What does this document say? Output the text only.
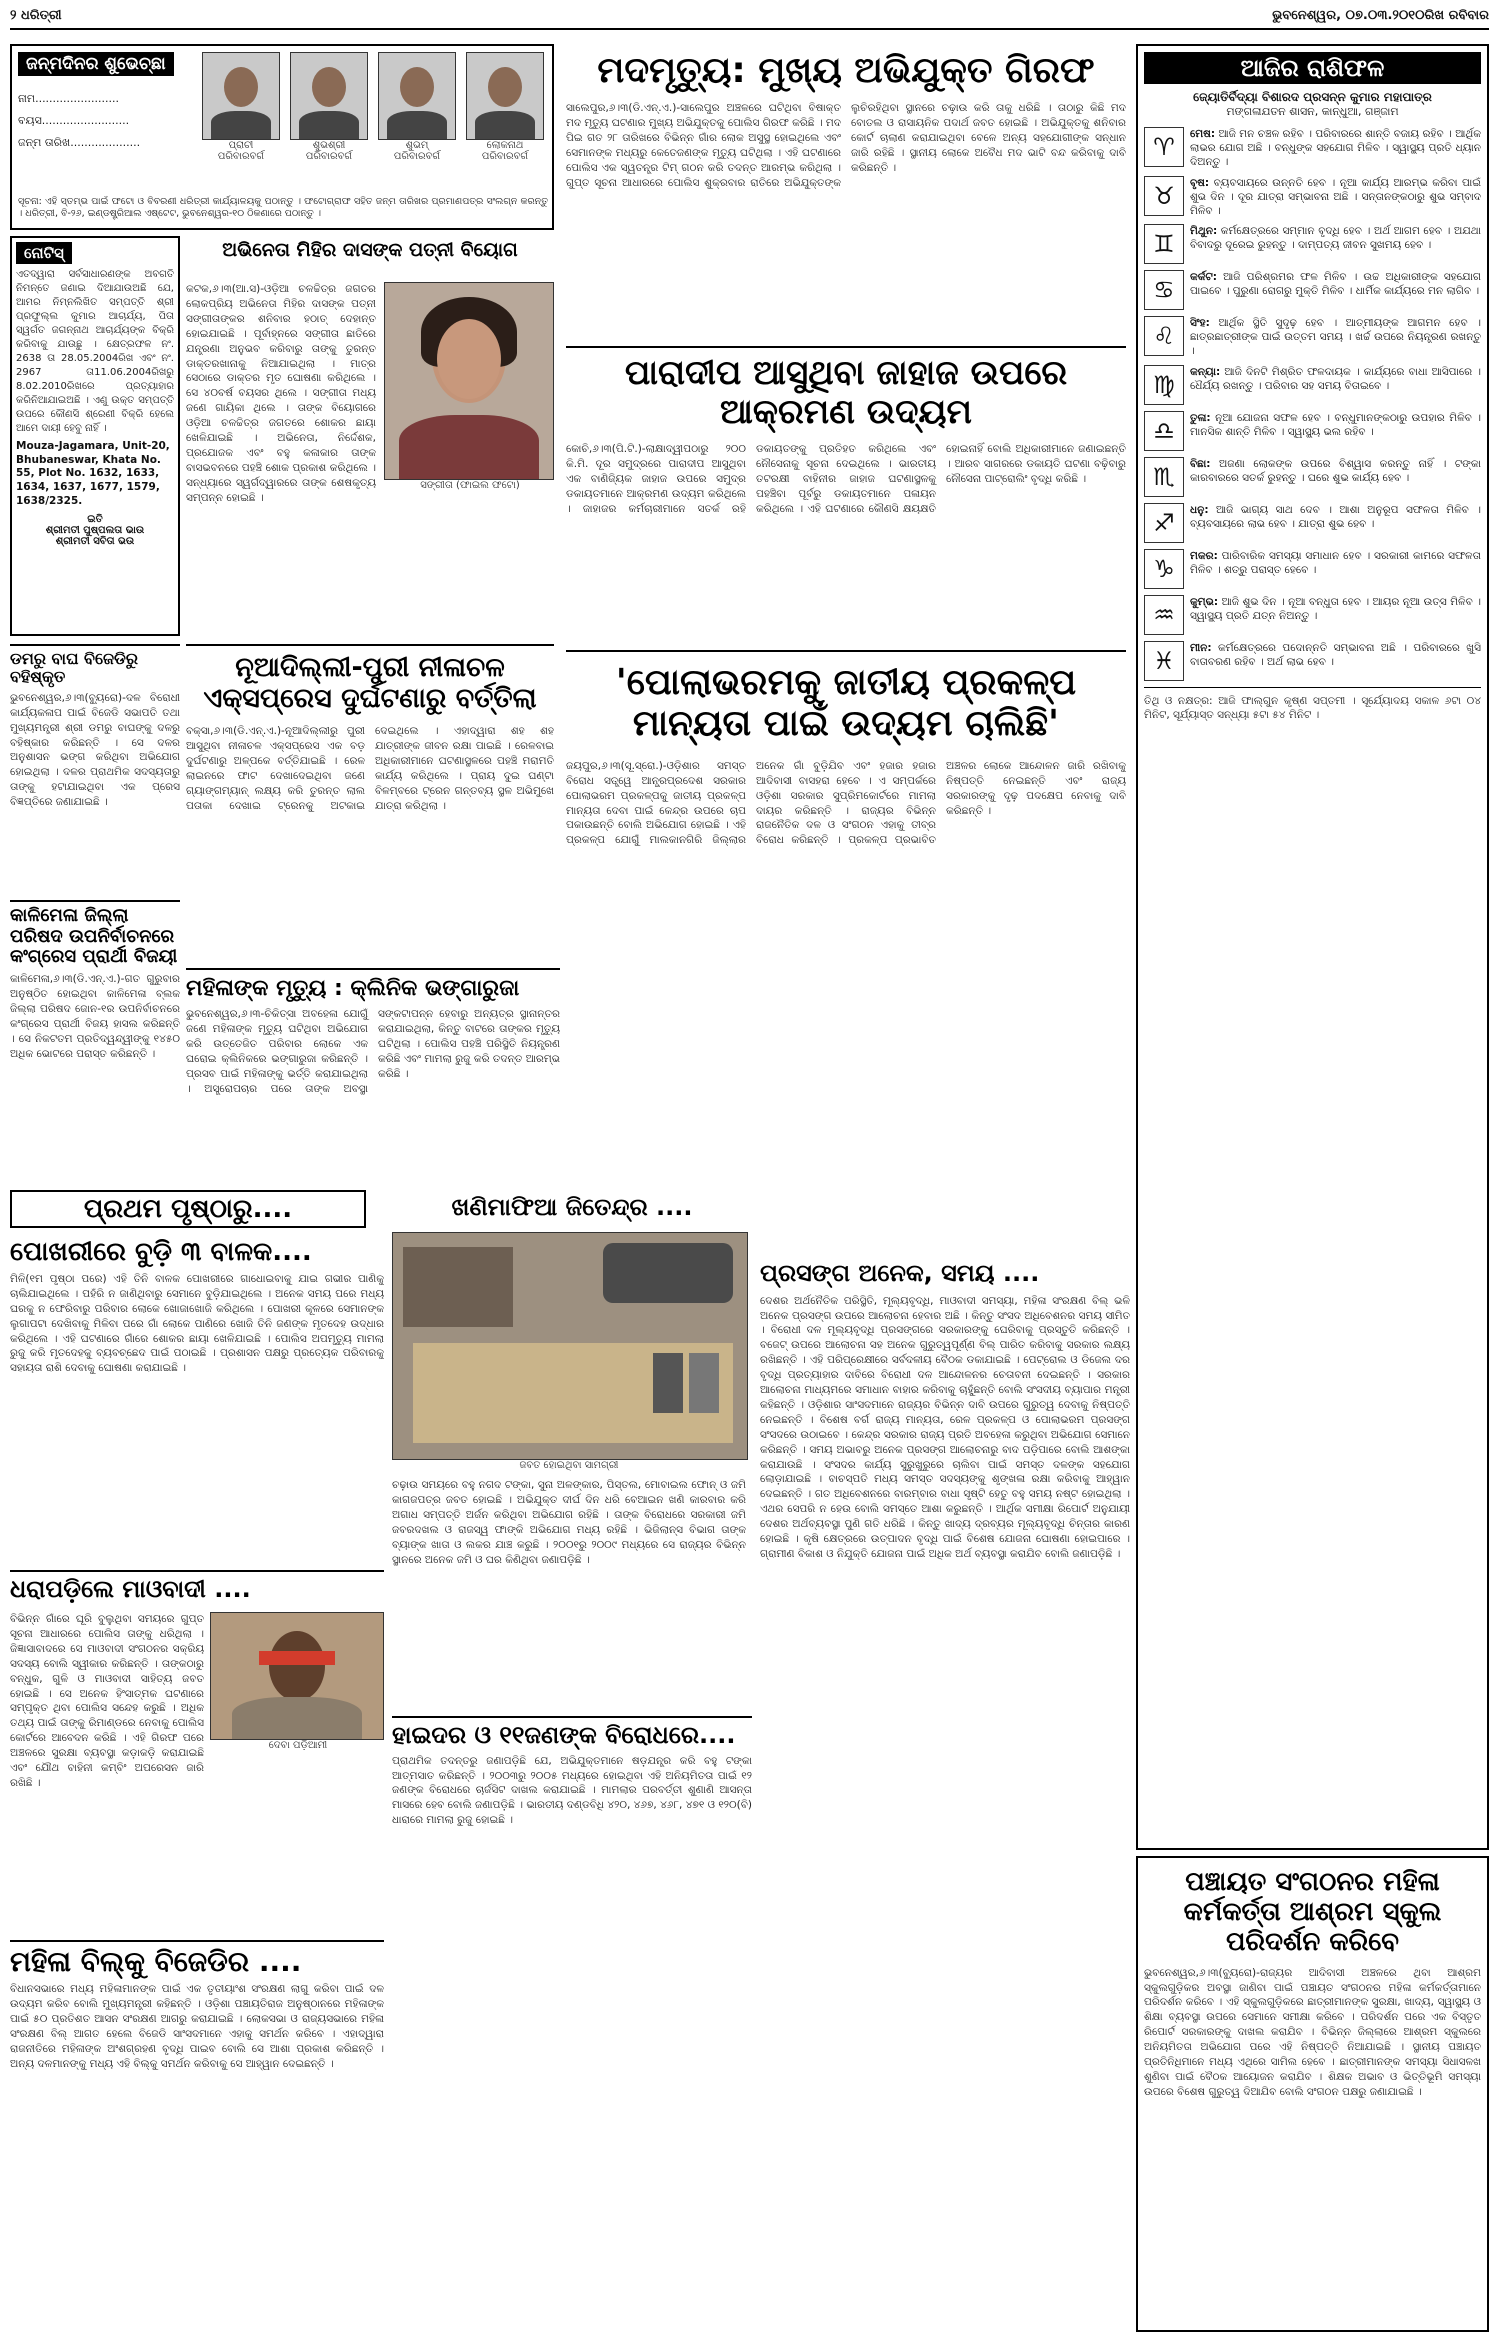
୨ ଧରିତ୍ରୀ	ଭୁବନେଶ୍ୱର, ୦୭.୦୩.୨୦୧୦ରିଖ ରବିବାର
ଜନ୍ମଦିନର ଶୁଭେଚ୍ଛା
ନାମ........................
ବୟସ.........................
ଜନ୍ମ ତାରିଖ....................	ପ୍ରାଚୀ
ପରିବାରବର୍ଗ
ଶୁଭଶ୍ରୀ
ପରିବାରବର୍ଗ
ଶୁଭମ୍
ପରିବାରବର୍ଗ
ଲୋକନାଥ
ପରିବାରବର୍ଗ
ସୂଚନା: ଏହି ସ୍ତମ୍ଭ ପାଇଁ ଫଟୋ ଓ ବିବରଣୀ ଧରିତ୍ରୀ କାର୍ଯ୍ୟାଳୟକୁ ପଠାନ୍ତୁ । ଫଟୋଗ୍ରାଫ ସହିତ ଜନ୍ମ ତାରିଖର ପ୍ରମାଣପତ୍ର ସଂଲଗ୍ନ କରନ୍ତୁ । ଧରିତ୍ରୀ, ବି-୨୬, ଇଣ୍ଡଷ୍ଟ୍ରିଆଲ ଏଷ୍ଟେଟ, ଭୁବନେଶ୍ୱର-୧୦ ଠିକଣାରେ ପଠାନ୍ତୁ ।
ନୋଟିସ୍
ଏତଦ୍ୱାରା ସର୍ବସାଧାରଣଙ୍କ ଅବଗତି ନିମନ୍ତେ ଜଣାଇ ଦିଆଯାଉଅଛି ଯେ, ଆମର ନିମ୍ନଲିଖିତ ସମ୍ପତ୍ତି ଶ୍ରୀ ପ୍ରଫୁଲ୍ଲ କୁମାର ଆଚାର୍ଯ୍ୟ, ପିତା ସ୍ୱର୍ଗତ ଜଗନ୍ନାଥ ଆଚାର୍ଯ୍ୟଙ୍କ ବିକ୍ରି କରିବାକୁ ଯାଉଛୁ । କ୍ଷେତ୍ରଫଳ ନଂ. 2638 ତା 28.05.2004ରିଖ ଏବଂ ନଂ. 2967 ତା11.06.2004ରିଖରୁ 8.02.2010ରିଖରେ ପ୍ରତ୍ୟାହାର କରିନିଆଯାଇଅଛି । ଏଣୁ ଉକ୍ତ ସମ୍ପତ୍ତି ଉପରେ କୌଣସି ଶ୍ରେଣୀ ବିକ୍ରି ହେଲେ ଆମେ ଦାୟୀ ହେବୁ ନାହିଁ ।
Mouza-Jagamara, Unit-20, Bhubaneswar, Khata No. 55, Plot No. 1632, 1633, 1634, 1637, 1677, 1579, 1638/2325.
ଇତି
ଶ୍ରୀମତୀ ପୁଷ୍ପଲତା ଭାଉ
ଶ୍ରୀମତୀ ସବିତା ଭଉ
ଅଭିନେତା ମିହିର ଦାସଙ୍କ ପତ୍ନୀ ବିୟୋଗ
ସଙ୍ଗୀତା (ଫାଇଲ ଫଟୋ)
କଟକ,୬।୩(ଆ.ସ)-ଓଡ଼ିଆ ଚଳଚ୍ଚିତ୍ର ଜଗତର ଲୋକପ୍ରିୟ ଅଭିନେତା ମିହିର ଦାସଙ୍କ ପତ୍ନୀ ସଙ୍ଗୀତାଙ୍କର ଶନିବାର ହଠାତ୍ ଦେହାନ୍ତ ହୋଇଯାଇଛି । ପୂର୍ବାହ୍ନରେ ସଙ୍ଗୀତା ଛାତିରେ ଯନ୍ତ୍ରଣା ଅନୁଭବ କରିବାରୁ ତାଙ୍କୁ ତୁରନ୍ତ ଡାକ୍ତରଖାନାକୁ ନିଆଯାଇଥିଲା । ମାତ୍ର ସେଠାରେ ଡାକ୍ତର ମୃତ ଘୋଷଣା କରିଥିଲେ । ସେ ୪୦ବର୍ଷ ବୟସର ଥିଲେ । ସଙ୍ଗୀତା ମଧ୍ୟ ଜଣେ ଗାୟିକା ଥିଲେ । ତାଙ୍କ ବିୟୋଗରେ ଓଡ଼ିଆ ଚଳଚ୍ଚିତ୍ର ଜଗତରେ ଶୋକର ଛାୟା ଖେଳିଯାଇଛି । ଅଭିନେତା, ନିର୍ଦ୍ଦେଶକ, ପ୍ରଯୋଜକ ଏବଂ ବହୁ କଳାକାର ତାଙ୍କ ବାସଭବନରେ ପହଞ୍ଚି ଶୋକ ପ୍ରକାଶ କରିଥିଲେ । ସନ୍ଧ୍ୟାରେ ସ୍ୱର୍ଗଦ୍ୱାରରେ ତାଙ୍କ ଶେଷକୃତ୍ୟ ସମ୍ପନ୍ନ ହୋଇଛି ।
ମଦମୃତ୍ୟୁ: ମୁଖ୍ୟ ଅଭିଯୁକ୍ତ ଗିରଫ
ସାଲେପୁର,୬।୩(ଡି.ଏନ୍.ଏ.)-ସାଲେପୁର ଅଞ୍ଚଳରେ ଘଟିଥିବା ବିଷାକ୍ତ ମଦ ମୃତ୍ୟୁ ଘଟଣାର ମୁଖ୍ୟ ଅଭିଯୁକ୍ତକୁ ପୋଲିସ ଗିରଫ କରିଛି । ମଦ ପିଇ ଗତ ୨୮ ତାରିଖରେ ବିଭିନ୍ନ ଗାଁର ଲୋକ ଅସୁସ୍ଥ ହୋଇଥିଲେ ଏବଂ ସେମାନଙ୍କ ମଧ୍ୟରୁ କେତେଜଣଙ୍କ ମୃତ୍ୟୁ ଘଟିଥିଲା । ଏହି ଘଟଣାରେ ପୋଲିସ ଏକ ସ୍ୱତନ୍ତ୍ର ଟିମ୍ ଗଠନ କରି ତଦନ୍ତ ଆରମ୍ଭ କରିଥିଲା । ଗୁପ୍ତ ସୂଚନା ଆଧାରରେ ପୋଲିସ ଶୁକ୍ରବାର ରାତିରେ ଅଭିଯୁକ୍ତଙ୍କ ଲୁଚିରହିଥିବା ସ୍ଥାନରେ ଚଢ଼ାଉ କରି ତାକୁ ଧରିଛି । ତାଠାରୁ କିଛି ମଦ ବୋତଲ ଓ ରାସାୟନିକ ପଦାର୍ଥ ଜବତ ହୋଇଛି । ଅଭିଯୁକ୍ତକୁ ଶନିବାର କୋର୍ଟ ଚାଲାଣ କରାଯାଇଥିବା ବେଳେ ଅନ୍ୟ ସହଯୋଗୀଙ୍କ ସନ୍ଧାନ ଜାରି ରହିଛି । ସ୍ଥାନୀୟ ଲୋକେ ଅବୈଧ ମଦ ଭାଟି ବନ୍ଦ କରିବାକୁ ଦାବି କରିଛନ୍ତି ।
ପାରାଦୀପ ଆସୁଥିବା ଜାହାଜ ଉପରେ ଆକ୍ରମଣ ଉଦ୍ୟମ
କୋଚି,୬।୩(ପି.ଟି.)-ଲାକ୍ଷାଦ୍ୱୀପଠାରୁ ୨୦୦ କି.ମି. ଦୂର ସମୁଦ୍ରରେ ପାରାଦୀପ ଆସୁଥିବା ଏକ ବାଣିଜ୍ୟିକ ଜାହାଜ ଉପରେ ସମୁଦ୍ର ଡକାୟତମାନେ ଆକ୍ରମଣ ଉଦ୍ୟମ କରିଥିଲେ । ଜାହାଜର କର୍ମଚାରୀମାନେ ସତର୍କ ରହି ଡକାୟତଙ୍କୁ ପ୍ରତିହତ କରିଥିଲେ ଏବଂ ନୌସେନାକୁ ସୂଚନା ଦେଇଥିଲେ । ଭାରତୀୟ ତଟରକ୍ଷୀ ବାହିନୀର ଜାହାଜ ଘଟଣାସ୍ଥଳକୁ ପହଞ୍ଚିବା ପୂର୍ବରୁ ଡକାୟତମାନେ ପଳାୟନ କରିଥିଲେ । ଏହି ଘଟଣାରେ କୌଣସି କ୍ଷୟକ୍ଷତି ହୋଇନାହିଁ ବୋଲି ଅଧିକାରୀମାନେ ଜଣାଇଛନ୍ତି । ଆରବ ସାଗରରେ ଡକାୟତି ଘଟଣା ବଢ଼ିବାରୁ ନୌସେନା ପାଟ୍ରୋଲିଂ ବୃଦ୍ଧି କରିଛି ।
ନୂଆଦିଲ୍ଲୀ-ପୁରୀ ନୀଳାଚଳ ଏକ୍ସପ୍ରେସ ଦୁର୍ଘଟଣାରୁ ବର୍ତ୍ତିଲା
ବକ୍ସା,୬।୩(ଡି.ଏନ୍.ଏ.)-ନୂଆଦିଲ୍ଲୀରୁ ପୁରୀ ଆସୁଥିବା ନୀଳାଚଳ ଏକ୍ସପ୍ରେସ ଏକ ବଡ଼ ଦୁର୍ଘଟଣାରୁ ଅଳ୍ପକେ ବର୍ତ୍ତିଯାଇଛି । ରେଳ ଲାଇନରେ ଫାଟ ଦେଖାଦେଇଥିବା ଜଣେ ଗ୍ୟାଙ୍ଗମ୍ୟାନ୍ ଲକ୍ଷ୍ୟ କରି ତୁରନ୍ତ ଲାଲ ପତାକା ଦେଖାଇ ଟ୍ରେନକୁ ଅଟକାଇ ଦେଇଥିଲେ । ଏହାଦ୍ୱାରା ଶହ ଶହ ଯାତ୍ରୀଙ୍କ ଜୀବନ ରକ୍ଷା ପାଇଛି । ରେଳବାଇ ଅଧିକାରୀମାନେ ଘଟଣାସ୍ଥଳରେ ପହଞ୍ଚି ମରାମତି କାର୍ଯ୍ୟ କରିଥିଲେ । ପ୍ରାୟ ଦୁଇ ଘଣ୍ଟା ବିଳମ୍ବରେ ଟ୍ରେନ ଗନ୍ତବ୍ୟ ସ୍ଥଳ ଅଭିମୁଖେ ଯାତ୍ରା କରିଥିଲା ।
'ପୋଲାଭରମକୁ ଜାତୀୟ ପ୍ରକଳ୍ପ ମାନ୍ୟତା ପାଇଁ ଉଦ୍ୟମ ଚାଲିଛି'
ଜୟପୁର,୬।୩(ସୂ.ସ୍ରୋ.)-ଓଡ଼ିଶାର ସମସ୍ତ ବିରୋଧ ସତ୍ତ୍ୱେ ଆନ୍ଧ୍ରପ୍ରଦେଶ ସରକାର ପୋଲାଭରମ ପ୍ରକଳ୍ପକୁ ଜାତୀୟ ପ୍ରକଳ୍ପ ମାନ୍ୟତା ଦେବା ପାଇଁ କେନ୍ଦ୍ର ଉପରେ ଚାପ ପକାଉଛନ୍ତି ବୋଲି ଅଭିଯୋଗ ହୋଇଛି । ଏହି ପ୍ରକଳ୍ପ ଯୋଗୁଁ ମାଲକାନଗିରି ଜିଲ୍ଲାର ଅନେକ ଗାଁ ବୁଡ଼ିଯିବ ଏବଂ ହଜାର ହଜାର ଆଦିବାସୀ ବାସହରା ହେବେ । ଏ ସମ୍ପର୍କରେ ଓଡ଼ିଶା ସରକାର ସୁପ୍ରିମକୋର୍ଟରେ ମାମଲା ଦାୟର କରିଛନ୍ତି । ରାଜ୍ୟର ବିଭିନ୍ନ ରାଜନୈତିକ ଦଳ ଓ ସଂଗଠନ ଏହାକୁ ତୀବ୍ର ବିରୋଧ କରିଛନ୍ତି । ପ୍ରକଳ୍ପ ପ୍ରଭାବିତ ଅଞ୍ଚଳର ଲୋକେ ଆନ୍ଦୋଳନ ଜାରି ରଖିବାକୁ ନିଷ୍ପତ୍ତି ନେଇଛନ୍ତି ଏବଂ ରାଜ୍ୟ ସରକାରଙ୍କୁ ଦୃଢ଼ ପଦକ୍ଷେପ ନେବାକୁ ଦାବି କରିଛନ୍ତି ।
ମହିଳାଙ୍କ ମୃତ୍ୟୁ : କ୍ଲିନିକ ଭଙ୍ଗାରୁଜା
ଭୁବନେଶ୍ୱର,୬।୩-ଚିକିତ୍ସା ଅବହେଳା ଯୋଗୁଁ ଜଣେ ମହିଳାଙ୍କ ମୃତ୍ୟୁ ଘଟିଥିବା ଅଭିଯୋଗ କରି ଉତ୍ତେଜିତ ପରିବାର ଲୋକେ ଏକ ଘରୋଇ କ୍ଲିନିକରେ ଭଙ୍ଗାରୁଜା କରିଛନ୍ତି । ପ୍ରସବ ପାଇଁ ମହିଳାଙ୍କୁ ଭର୍ତ୍ତି କରାଯାଇଥିଲା । ଅସ୍ତ୍ରୋପଚାର ପରେ ତାଙ୍କ ଅବସ୍ଥା ସଙ୍କଟାପନ୍ନ ହେବାରୁ ଅନ୍ୟତ୍ର ସ୍ଥାନାନ୍ତର କରାଯାଇଥିଲା, କିନ୍ତୁ ବାଟରେ ତାଙ୍କର ମୃତ୍ୟୁ ଘଟିଥିଲା । ପୋଲିସ ପହଞ୍ଚି ପରିସ୍ଥିତି ନିୟନ୍ତ୍ରଣ କରିଛି ଏବଂ ମାମଲା ରୁଜୁ କରି ତଦନ୍ତ ଆରମ୍ଭ କରିଛି ।
ଡମରୁ ବାଘ ବିଜେଡିରୁ ବହିଷ୍କୃତ
ଭୁବନେଶ୍ୱର,୬।୩(ବ୍ୟୁରୋ)-ଦଳ ବିରୋଧୀ କାର୍ଯ୍ୟକଳାପ ପାଇଁ ବିଜେଡି ସଭାପତି ତଥା ମୁଖ୍ୟମନ୍ତ୍ରୀ ଶ୍ରୀ ଡମରୁ ବାଘଙ୍କୁ ଦଳରୁ ବହିଷ୍କାର କରିଛନ୍ତି । ସେ ଦଳର ଅନୁଶାସନ ଭଙ୍ଗ କରିଥିବା ଅଭିଯୋଗ ହୋଇଥିଲା । ଦଳର ପ୍ରାଥମିକ ସଦସ୍ୟତାରୁ ତାଙ୍କୁ ହଟାଯାଇଥିବା ଏକ ପ୍ରେସ ବିଜ୍ଞପ୍ତିରେ ଜଣାଯାଇଛି ।
କାଳିମେଳା ଜିଲ୍ଲା ପରିଷଦ ଉପନିର୍ବାଚନରେ କଂଗ୍ରେସ ପ୍ରାର୍ଥୀ ବିଜୟୀ
କାଳିମେଳା,୬।୩(ଡି.ଏନ୍.ଏ.)-ଗତ ଗୁରୁବାର ଅନୁଷ୍ଠିତ ହୋଇଥିବା କାଳିମେଳା ବ୍ଲକ ଜିଲ୍ଲା ପରିଷଦ ଜୋନ-୧ର ଉପନିର୍ବାଚନରେ କଂଗ୍ରେସ ପ୍ରାର୍ଥୀ ବିଜୟ ହାସଲ କରିଛନ୍ତି । ସେ ନିକଟତମ ପ୍ରତିଦ୍ୱନ୍ଦ୍ୱୀଙ୍କୁ ୧୪୫୦ ଅଧିକ ଭୋଟରେ ପରାସ୍ତ କରିଛନ୍ତି ।
ପ୍ରଥମ ପୃଷ୍ଠାରୁ....
ପୋଖରୀରେ ବୁଡ଼ି ୩ ବାଳକ....
ମିଳି(୧ମ ପୃଷ୍ଠା ପରେ) ଏହି ତିନି ବାଳକ ପୋଖରୀରେ ଗାଧୋଇବାକୁ ଯାଇ ଗଭୀର ପାଣିକୁ ଚାଲିଯାଇଥିଲେ । ପହଁରି ନ ଜାଣିଥିବାରୁ ସେମାନେ ବୁଡ଼ିଯାଇଥିଲେ । ଅନେକ ସମୟ ପରେ ମଧ୍ୟ ଘରକୁ ନ ଫେରିବାରୁ ପରିବାର ଲୋକେ ଖୋଜାଖୋଜି କରିଥିଲେ । ପୋଖରୀ କୂଳରେ ସେମାନଙ୍କ ଲୁଗାପଟା ଦେଖିବାକୁ ମିଳିବା ପରେ ଗାଁ ଲୋକେ ପାଣିରେ ଖୋଜି ତିନି ଜଣଙ୍କ ମୃତଦେହ ଉଦ୍ଧାର କରିଥିଲେ । ଏହି ଘଟଣାରେ ଗାଁରେ ଶୋକର ଛାୟା ଖେଳିଯାଇଛି । ପୋଲିସ ଅପମୃତ୍ୟୁ ମାମଲା ରୁଜୁ କରି ମୃତଦେହକୁ ବ୍ୟବଚ୍ଛେଦ ପାଇଁ ପଠାଇଛି । ପ୍ରଶାସନ ପକ୍ଷରୁ ପ୍ରତ୍ୟେକ ପରିବାରକୁ ସହାୟତା ରାଶି ଦେବାକୁ ଘୋଷଣା କରାଯାଇଛି ।
ଧରାପଡ଼ିଲେ ମାଓବାଦୀ ....
ଦେବା ପଡ଼ିଆମୀ
ବିଭିନ୍ନ ଗାଁରେ ଘୂରି ବୁଲୁଥିବା ସମୟରେ ଗୁପ୍ତ ସୂଚନା ଆଧାରରେ ପୋଲିସ ତାଙ୍କୁ ଧରିଥିଲା । ଜିଜ୍ଞାସାବାଦରେ ସେ ମାଓବାଦୀ ସଂଗଠନର ସକ୍ରିୟ ସଦସ୍ୟ ବୋଲି ସ୍ୱୀକାର କରିଛନ୍ତି । ତାଙ୍କଠାରୁ ବନ୍ଧୁକ, ଗୁଳି ଓ ମାଓବାଦୀ ସାହିତ୍ୟ ଜବତ ହୋଇଛି । ସେ ଅନେକ ହିଂସାତ୍ମକ ଘଟଣାରେ ସମ୍ପୃକ୍ତ ଥିବା ପୋଲିସ ସନ୍ଦେହ କରୁଛି । ଅଧିକ ତଥ୍ୟ ପାଇଁ ତାଙ୍କୁ ରିମାଣ୍ଡରେ ନେବାକୁ ପୋଲିସ କୋର୍ଟରେ ଆବେଦନ କରିଛି । ଏହି ଗିରଫ ପରେ ଅଞ୍ଚଳରେ ସୁରକ୍ଷା ବ୍ୟବସ୍ଥା କଡ଼ାକଡ଼ି କରାଯାଇଛି ଏବଂ ଯୌଥ ବାହିନୀ କମ୍ବିଂ ଅପରେସନ ଜାରି ରଖିଛି ।
ମହିଳା ବିଲ୍‌କୁ ବିଜେଡିର ....
ବିଧାନସଭାରେ ମଧ୍ୟ ମହିଳାମାନଙ୍କ ପାଇଁ ଏକ ତୃତୀୟାଂଶ ସଂରକ୍ଷଣ ଲାଗୁ କରିବା ପାଇଁ ଦଳ ଉଦ୍ୟମ କରିବ ବୋଲି ମୁଖ୍ୟମନ୍ତ୍ରୀ କହିଛନ୍ତି । ଓଡ଼ିଶା ପଞ୍ଚାୟତିରାଜ ଅନୁଷ୍ଠାନରେ ମହିଳାଙ୍କ ପାଇଁ ୫୦ ପ୍ରତିଶତ ଆସନ ସଂରକ୍ଷଣ ଆଗରୁ କରାଯାଇଛି । ଲୋକସଭା ଓ ରାଜ୍ୟସଭାରେ ମହିଳା ସଂରକ୍ଷଣ ବିଲ୍ ଆଗତ ହେଲେ ବିଜେଡି ସାଂସଦମାନେ ଏହାକୁ ସମର୍ଥନ କରିବେ । ଏହାଦ୍ୱାରା ରାଜନୀତିରେ ମହିଳାଙ୍କ ଅଂଶଗ୍ରହଣ ବୃଦ୍ଧି ପାଇବ ବୋଲି ସେ ଆଶା ପ୍ରକାଶ କରିଛନ୍ତି । ଅନ୍ୟ ଦଳମାନଙ୍କୁ ମଧ୍ୟ ଏହି ବିଲ୍‌କୁ ସମର୍ଥନ କରିବାକୁ ସେ ଆହ୍ୱାନ ଦେଇଛନ୍ତି ।
ଖଣିମାଫିଆ ଜିତେନ୍ଦ୍ର ....
ଜବତ ହୋଇଥିବା ସାମଗ୍ରୀ
ଚଢ଼ାଉ ସମୟରେ ବହୁ ନଗଦ ଟଙ୍କା, ସୁନା ଅଳଙ୍କାର, ପିସ୍ତଲ, ମୋବାଇଲ ଫୋନ୍ ଓ ଜମି କାଗଜପତ୍ର ଜବତ ହୋଇଛି । ଅଭିଯୁକ୍ତ ଦୀର୍ଘ ଦିନ ଧରି ବେଆଇନ ଖଣି କାରବାର କରି ଅଗାଧ ସମ୍ପତ୍ତି ଅର୍ଜନ କରିଥିବା ଅଭିଯୋଗ ରହିଛି । ତାଙ୍କ ବିରୋଧରେ ସରକାରୀ ଜମି ଜବରଦଖଲ ଓ ରାଜସ୍ୱ ଫାଙ୍କି ଅଭିଯୋଗ ମଧ୍ୟ ରହିଛି । ଭିଜିଲାନ୍ସ ବିଭାଗ ତାଙ୍କ ବ୍ୟାଙ୍କ ଖାତା ଓ ଲକର ଯାଞ୍ଚ କରୁଛି । ୨୦୦୧ରୁ ୨୦୦୯ ମଧ୍ୟରେ ସେ ରାଜ୍ୟର ବିଭିନ୍ନ ସ୍ଥାନରେ ଅନେକ ଜମି ଓ ଘର କିଣିଥିବା ଜଣାପଡ଼ିଛି ।
ହାଇଦର ଓ ୧୧ଜଣଙ୍କ ବିରୋଧରେ....
ପ୍ରାଥମିକ ତଦନ୍ତରୁ ଜଣାପଡ଼ିଛି ଯେ, ଅଭିଯୁକ୍ତମାନେ ଷଡ଼ଯନ୍ତ୍ର କରି ବହୁ ଟଙ୍କା ଆତ୍ମସାତ କରିଛନ୍ତି । ୨୦୦୩ରୁ ୨୦୦୫ ମଧ୍ୟରେ ହୋଇଥିବା ଏହି ଅନିୟମିତତା ପାଇଁ ୧୨ ଜଣଙ୍କ ବିରୋଧରେ ଚାର୍ଜସିଟ ଦାଖଲ କରାଯାଇଛି । ମାମଲାର ପରବର୍ତ୍ତୀ ଶୁଣାଣି ଆସନ୍ତା ମାସରେ ହେବ ବୋଲି ଜଣାପଡ଼ିଛି । ଭାରତୀୟ ଦଣ୍ଡବିଧି ୪୨୦, ୪୬୭, ୪୬୮, ୪୭୧ ଓ ୧୨୦(ବି) ଧାରାରେ ମାମଲା ରୁଜୁ ହୋଇଛି ।
ପ୍ରସଙ୍ଗ ଅନେକ, ସମୟ ....
ଦେଶର ଅର୍ଥନୈତିକ ପରିସ୍ଥିତି, ମୂଲ୍ୟବୃଦ୍ଧି, ମାଓବାଦୀ ସମସ୍ୟା, ମହିଳା ସଂରକ୍ଷଣ ବିଲ୍ ଭଳି ଅନେକ ପ୍ରସଙ୍ଗ ଉପରେ ଆଲୋଚନା ହେବାର ଅଛି । କିନ୍ତୁ ସଂସଦ ଅଧିବେଶନର ସମୟ ସୀମିତ । ବିରୋଧୀ ଦଳ ମୂଲ୍ୟବୃଦ୍ଧି ପ୍ରସଙ୍ଗରେ ସରକାରଙ୍କୁ ଘେରିବାକୁ ପ୍ରସ୍ତୁତି କରିଛନ୍ତି । ବଜେଟ୍ ଉପରେ ଆଲୋଚନା ସହ ଅନେକ ଗୁରୁତ୍ୱପୂର୍ଣ୍ଣ ବିଲ୍ ପାରିତ କରିବାକୁ ସରକାର ଲକ୍ଷ୍ୟ ରଖିଛନ୍ତି । ଏହି ପରିପ୍ରେକ୍ଷୀରେ ସର୍ବଦଳୀୟ ବୈଠକ ଡକାଯାଇଛି । ପେଟ୍ରୋଲ ଓ ଡିଜେଲ ଦର ବୃଦ୍ଧି ପ୍ରତ୍ୟାହାର ଦାବିରେ ବିରୋଧୀ ଦଳ ଆନ୍ଦୋଳନର ଚେତାବନୀ ଦେଇଛନ୍ତି । ସରକାର ଆଲୋଚନା ମାଧ୍ୟମରେ ସମାଧାନ ବାହାର କରିବାକୁ ଚାହୁଁଛନ୍ତି ବୋଲି ସଂସଦୀୟ ବ୍ୟାପାର ମନ୍ତ୍ରୀ କହିଛନ୍ତି । ଓଡ଼ିଶାର ସାଂସଦମାନେ ରାଜ୍ୟର ବିଭିନ୍ନ ଦାବି ଉପରେ ଗୁରୁତ୍ୱ ଦେବାକୁ ନିଷ୍ପତ୍ତି ନେଇଛନ୍ତି । ବିଶେଷ ବର୍ଗ ରାଜ୍ୟ ମାନ୍ୟତା, ରେଳ ପ୍ରକଳ୍ପ ଓ ପୋଲାଭରମ ପ୍ରସଙ୍ଗ ସଂସଦରେ ଉଠାଇବେ । କେନ୍ଦ୍ର ସରକାର ରାଜ୍ୟ ପ୍ରତି ଅବହେଳା କରୁଥିବା ଅଭିଯୋଗ ସେମାନେ କରିଛନ୍ତି । ସମୟ ଅଭାବରୁ ଅନେକ ପ୍ରସଙ୍ଗ ଆଲୋଚନାରୁ ବାଦ ପଡ଼ିପାରେ ବୋଲି ଆଶଙ୍କା କରାଯାଉଛି । ସଂସଦର କାର୍ଯ୍ୟ ସୁରୁଖୁରୁରେ ଚାଲିବା ପାଇଁ ସମସ୍ତ ଦଳଙ୍କ ସହଯୋଗ ଲୋଡ଼ାଯାଇଛି । ବାଚସ୍ପତି ମଧ୍ୟ ସମସ୍ତ ସଦସ୍ୟଙ୍କୁ ଶୃଙ୍ଖଳା ରକ୍ଷା କରିବାକୁ ଆହ୍ୱାନ ଦେଇଛନ୍ତି । ଗତ ଅଧିବେଶନରେ ବାରମ୍ବାର ବାଧା ସୃଷ୍ଟି ହେତୁ ବହୁ ସମୟ ନଷ୍ଟ ହୋଇଥିଲା । ଏଥର ସେପରି ନ ହେଉ ବୋଲି ସମସ୍ତେ ଆଶା କରୁଛନ୍ତି । ଆର୍ଥିକ ସମୀକ୍ଷା ରିପୋର୍ଟ ଅନୁଯାୟୀ ଦେଶର ଅର୍ଥବ୍ୟବସ୍ଥା ପୁଣି ଗତି ଧରିଛି । କିନ୍ତୁ ଖାଦ୍ୟ ଦ୍ରବ୍ୟର ମୂଲ୍ୟବୃଦ୍ଧି ଚିନ୍ତାର କାରଣ ହୋଇଛି । କୃଷି କ୍ଷେତ୍ରରେ ଉତ୍ପାଦନ ବୃଦ୍ଧି ପାଇଁ ବିଶେଷ ଯୋଜନା ଘୋଷଣା ହୋଇପାରେ । ଗ୍ରାମୀଣ ବିକାଶ ଓ ନିଯୁକ୍ତି ଯୋଜନା ପାଇଁ ଅଧିକ ଅର୍ଥ ବ୍ୟବସ୍ଥା କରାଯିବ ବୋଲି ଜଣାପଡ଼ିଛି ।
ଆଜିର ରାଶିଫଳ
ଜ୍ୟୋତିର୍ବିଦ୍ୟା ବିଶାରଦ ପ୍ରସନ୍ନ କୁମାର ମହାପାତ୍ର
ମଙ୍ଗଳାଯତନ ଶାସନ, କାନ୍ଧୁଆ, ଗଞ୍ଜାମ
♈	ମେଷ: ଆଜି ମନ ଚଞ୍ଚଳ ରହିବ । ପରିବାରରେ ଶାନ୍ତି ବଜାୟ ରହିବ । ଆର୍ଥିକ ଲାଭର ଯୋଗ ଅଛି । ବନ୍ଧୁଙ୍କ ସହଯୋଗ ମିଳିବ । ସ୍ୱାସ୍ଥ୍ୟ ପ୍ରତି ଧ୍ୟାନ ଦିଅନ୍ତୁ ।
♉	ବୃଷ: ବ୍ୟବସାୟରେ ଉନ୍ନତି ହେବ । ନୂଆ କାର୍ଯ୍ୟ ଆରମ୍ଭ କରିବା ପାଇଁ ଶୁଭ ଦିନ । ଦୂର ଯାତ୍ରା ସମ୍ଭାବନା ଅଛି । ସନ୍ତାନଙ୍କଠାରୁ ଶୁଭ ସମ୍ବାଦ ମିଳିବ ।
♊	ମିଥୁନ: କର୍ମକ୍ଷେତ୍ରରେ ସମ୍ମାନ ବୃଦ୍ଧି ହେବ । ଅର୍ଥ ଆଗମ ହେବ । ଅଯଥା ବିବାଦରୁ ଦୂରେଇ ରୁହନ୍ତୁ । ଦାମ୍ପତ୍ୟ ଜୀବନ ସୁଖମୟ ହେବ ।
♋	କର୍କଟ: ଆଜି ପରିଶ୍ରମର ଫଳ ମିଳିବ । ଉଚ୍ଚ ଅଧିକାରୀଙ୍କ ସହଯୋଗ ପାଇବେ । ପୁରୁଣା ରୋଗରୁ ମୁକ୍ତି ମିଳିବ । ଧାର୍ମିକ କାର୍ଯ୍ୟରେ ମନ ଲାଗିବ ।
♌	ସିଂହ: ଆର୍ଥିକ ସ୍ଥିତି ସୁଦୃଢ଼ ହେବ । ଆତ୍ମୀୟଙ୍କ ଆଗମନ ହେବ । ଛାତ୍ରଛାତ୍ରୀଙ୍କ ପାଇଁ ଉତ୍ତମ ସମୟ । ଖର୍ଚ୍ଚ ଉପରେ ନିୟନ୍ତ୍ରଣ ରଖନ୍ତୁ ।
♍	କନ୍ୟା: ଆଜି ଦିନଟି ମିଶ୍ରିତ ଫଳଦାୟକ । କାର୍ଯ୍ୟରେ ବାଧା ଆସିପାରେ । ଧୈର୍ଯ୍ୟ ରଖନ୍ତୁ । ପରିବାର ସହ ସମୟ ବିତାଇବେ ।
♎	ତୁଳା: ନୂଆ ଯୋଜନା ସଫଳ ହେବ । ବନ୍ଧୁମାନଙ୍କଠାରୁ ଉପହାର ମିଳିବ । ମାନସିକ ଶାନ୍ତି ମିଳିବ । ସ୍ୱାସ୍ଥ୍ୟ ଭଲ ରହିବ ।
♏	ବିଛା: ଅଜଣା ଲୋକଙ୍କ ଉପରେ ବିଶ୍ୱାସ କରନ୍ତୁ ନାହିଁ । ଟଙ୍କା କାରବାରରେ ସତର୍କ ରୁହନ୍ତୁ । ଘରେ ଶୁଭ କାର୍ଯ୍ୟ ହେବ ।
♐	ଧନୁ: ଆଜି ଭାଗ୍ୟ ସାଥ ଦେବ । ଆଶା ଅନୁରୂପ ସଫଳତା ମିଳିବ । ବ୍ୟବସାୟରେ ଲାଭ ହେବ । ଯାତ୍ରା ଶୁଭ ହେବ ।
♑	ମକର: ପାରିବାରିକ ସମସ୍ୟା ସମାଧାନ ହେବ । ସରକାରୀ କାମରେ ସଫଳତା ମିଳିବ । ଶତ୍ରୁ ପରାସ୍ତ ହେବେ ।
♒	କୁମ୍ଭ: ଆଜି ଶୁଭ ଦିନ । ନୂଆ ବନ୍ଧୁତା ହେବ । ଆୟର ନୂଆ ଉତ୍ସ ମିଳିବ । ସ୍ୱାସ୍ଥ୍ୟ ପ୍ରତି ଯତ୍ନ ନିଅନ୍ତୁ ।
♓	ମୀନ: କର୍ମକ୍ଷେତ୍ରରେ ପଦୋନ୍ନତି ସମ୍ଭାବନା ଅଛି । ପରିବାରରେ ଖୁସି ବାତାବରଣ ରହିବ । ଅର୍ଥ ଲାଭ ହେବ ।
ତିଥି ଓ ନକ୍ଷତ୍ର: ଆଜି ଫାଲ୍ଗୁନ କୃଷ୍ଣ ସପ୍ତମୀ । ସୂର୍ଯ୍ୟୋଦୟ ସକାଳ ୬ଟା ୦୪ ମିନିଟ, ସୂର୍ଯ୍ୟାସ୍ତ ସନ୍ଧ୍ୟା ୫ଟା ୫୪ ମିନିଟ ।
ପଞ୍ଚାୟତ ସଂଗଠନର ମହିଳା କର୍ମକର୍ତ୍ତା ଆଶ୍ରମ ସ୍କୁଲ ପରିଦର୍ଶନ କରିବେ
ଭୁବନେଶ୍ୱର,୬।୩(ବ୍ୟୁରୋ)-ରାଜ୍ୟର ଆଦିବାସୀ ଅଞ୍ଚଳରେ ଥିବା ଆଶ୍ରମ ସ୍କୁଲଗୁଡ଼ିକର ଅବସ୍ଥା ଜାଣିବା ପାଇଁ ପଞ୍ଚାୟତ ସଂଗଠନର ମହିଳା କର୍ମକର୍ତ୍ତାମାନେ ପରିଦର୍ଶନ କରିବେ । ଏହି ସ୍କୁଲଗୁଡ଼ିକରେ ଛାତ୍ରୀମାନଙ୍କ ସୁରକ୍ଷା, ଖାଦ୍ୟ, ସ୍ୱାସ୍ଥ୍ୟ ଓ ଶିକ୍ଷା ବ୍ୟବସ୍ଥା ଉପରେ ସେମାନେ ସମୀକ୍ଷା କରିବେ । ପରିଦର୍ଶନ ପରେ ଏକ ବିସ୍ତୃତ ରିପୋର୍ଟ ସରକାରଙ୍କୁ ଦାଖଲ କରାଯିବ । ବିଭିନ୍ନ ଜିଲ୍ଲାରେ ଆଶ୍ରମ ସ୍କୁଲରେ ଅନିୟମିତତା ଅଭିଯୋଗ ପରେ ଏହି ନିଷ୍ପତ୍ତି ନିଆଯାଇଛି । ସ୍ଥାନୀୟ ପଞ୍ଚାୟତ ପ୍ରତିନିଧିମାନେ ମଧ୍ୟ ଏଥିରେ ସାମିଲ ହେବେ । ଛାତ୍ରୀମାନଙ୍କ ସମସ୍ୟା ସିଧାସଳଖ ଶୁଣିବା ପାଇଁ ବୈଠକ ଆୟୋଜନ କରାଯିବ । ଶିକ୍ଷକ ଅଭାବ ଓ ଭିତ୍ତିଭୂମି ସମସ୍ୟା ଉପରେ ବିଶେଷ ଗୁରୁତ୍ୱ ଦିଆଯିବ ବୋଲି ସଂଗଠନ ପକ୍ଷରୁ ଜଣାଯାଇଛି ।
